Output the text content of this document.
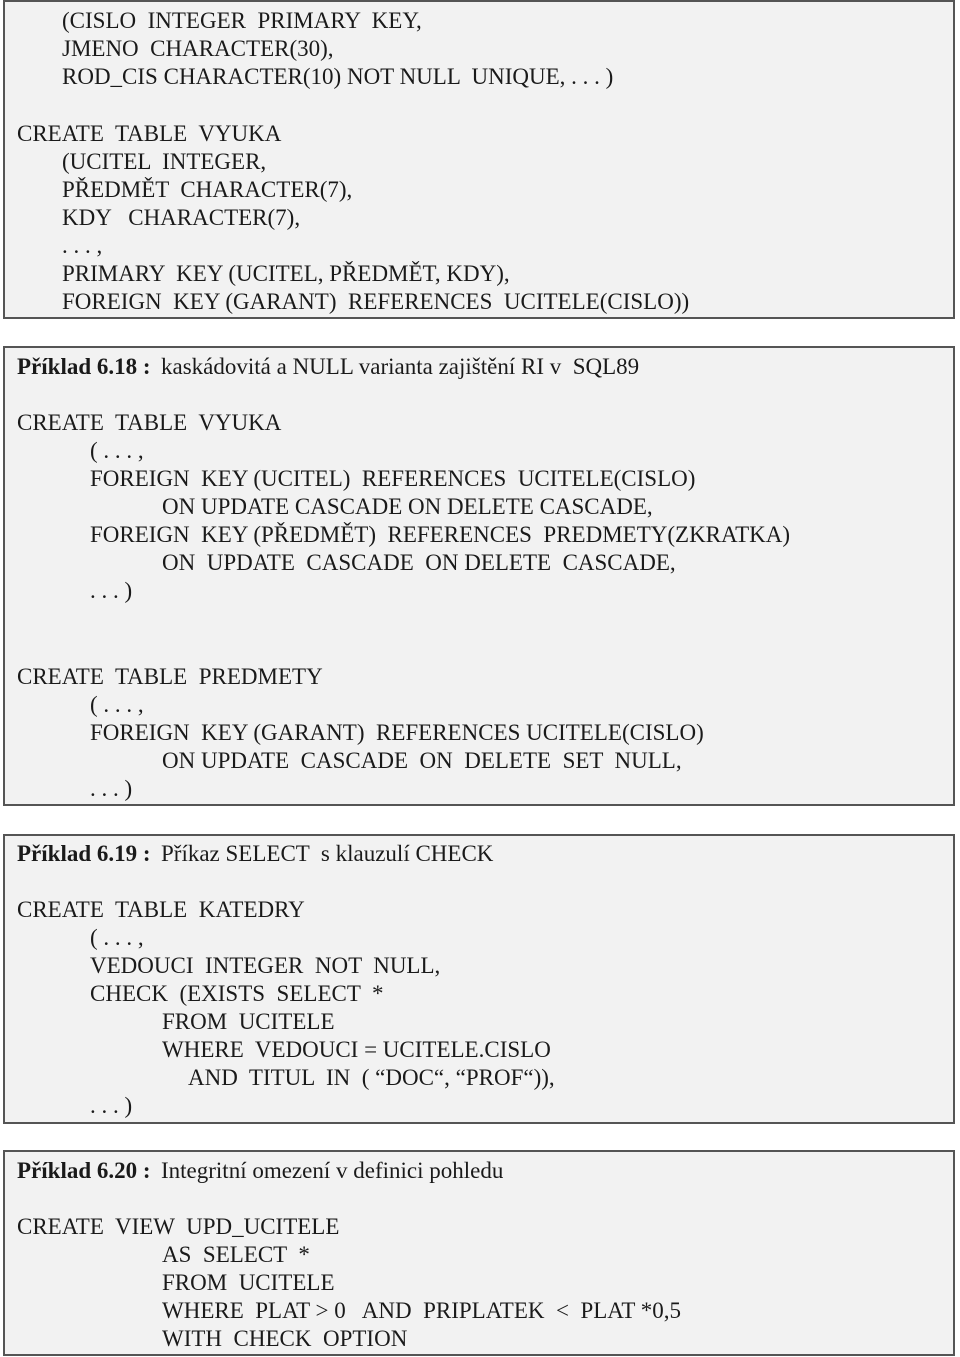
(CISLO  INTEGER  PRIMARY  KEY,
JMENO  CHARACTER(30),
ROD_CIS CHARACTER(10) NOT NULL  UNIQUE, . . . )
CREATE  TABLE  VYUKA
(UCITEL  INTEGER,
PŘEDMĚT  CHARACTER(7),
KDY   CHARACTER(7),
. . . ,
PRIMARY  KEY (UCITEL, PŘEDMĚT, KDY),
FOREIGN  KEY (GARANT)  REFERENCES  UCITELE(CISLO))
Příklad 6.18 : kaskádovitá a NULL varianta zajištění RI v  SQL89
CREATE  TABLE  VYUKA
( . . . ,
FOREIGN  KEY (UCITEL)  REFERENCES  UCITELE(CISLO)
ON UPDATE CASCADE ON DELETE CASCADE,
FOREIGN  KEY (PŘEDMĚT)  REFERENCES  PREDMETY(ZKRATKA)
ON  UPDATE  CASCADE  ON DELETE  CASCADE,
. . . )
CREATE  TABLE  PREDMETY
( . . . ,
FOREIGN  KEY (GARANT)  REFERENCES UCITELE(CISLO)
ON UPDATE  CASCADE  ON  DELETE  SET  NULL,
. . . )
Příklad 6.19 : Příkaz SELECT  s klauzulí CHECK
CREATE  TABLE  KATEDRY
( . . . ,
VEDOUCI  INTEGER  NOT  NULL,
CHECK  (EXISTS  SELECT  *
FROM  UCITELE
WHERE  VEDOUCI = UCITELE.CISLO
AND  TITUL  IN  ( “DOC“, “PROF“)),
. . . )
Příklad 6.20 : Integritní omezení v definici pohledu
CREATE  VIEW  UPD_UCITELE
AS  SELECT  *
FROM  UCITELE
WHERE  PLAT > 0   AND  PRIPLATEK  <  PLAT *0,5
WITH  CHECK  OPTION
